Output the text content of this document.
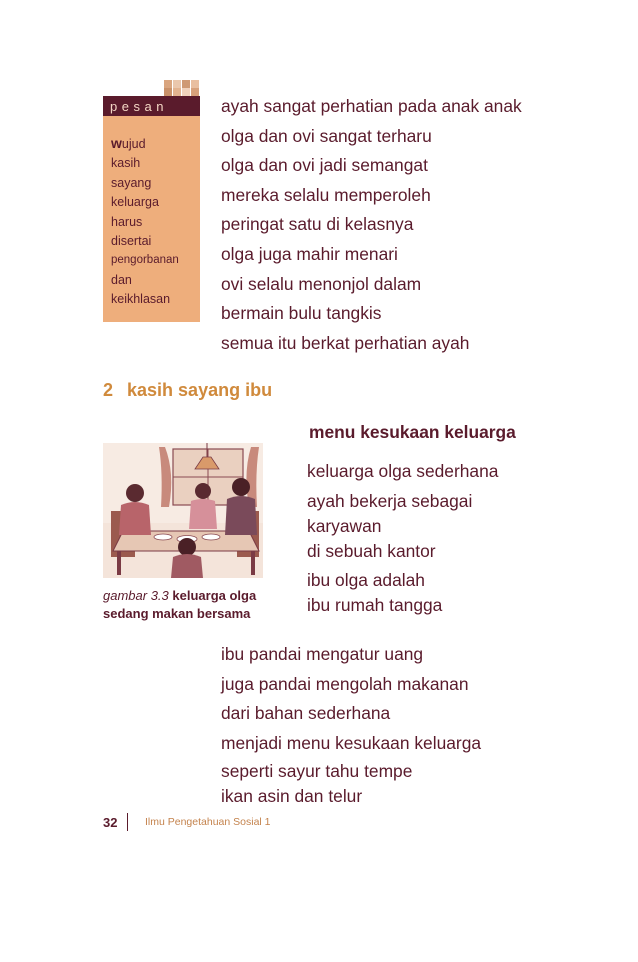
pesan
wujud
kasih
sayang
keluarga
harus
disertai
pengorbanan
dan
keikhlasan
ayah sangat perhatian pada anak anak
olga dan ovi sangat terharu
olga dan ovi jadi semangat
mereka selalu memperoleh
peringat satu di kelasnya
olga juga mahir menari
ovi selalu menonjol dalam
bermain bulu tangkis
semua itu berkat perhatian ayah
2 kasih sayang ibu
menu kesukaan keluarga
gambar 3.3 keluarga olga
sedang makan bersama
keluarga olga sederhana
ayah bekerja sebagai
karyawan
di sebuah kantor
ibu olga adalah
ibu rumah tangga
ibu pandai mengatur uang
juga pandai mengolah makanan
dari bahan sederhana
menjadi menu kesukaan keluarga
seperti sayur tahu tempe
ikan asin dan telur
32	Ilmu Pengetahuan Sosial 1
